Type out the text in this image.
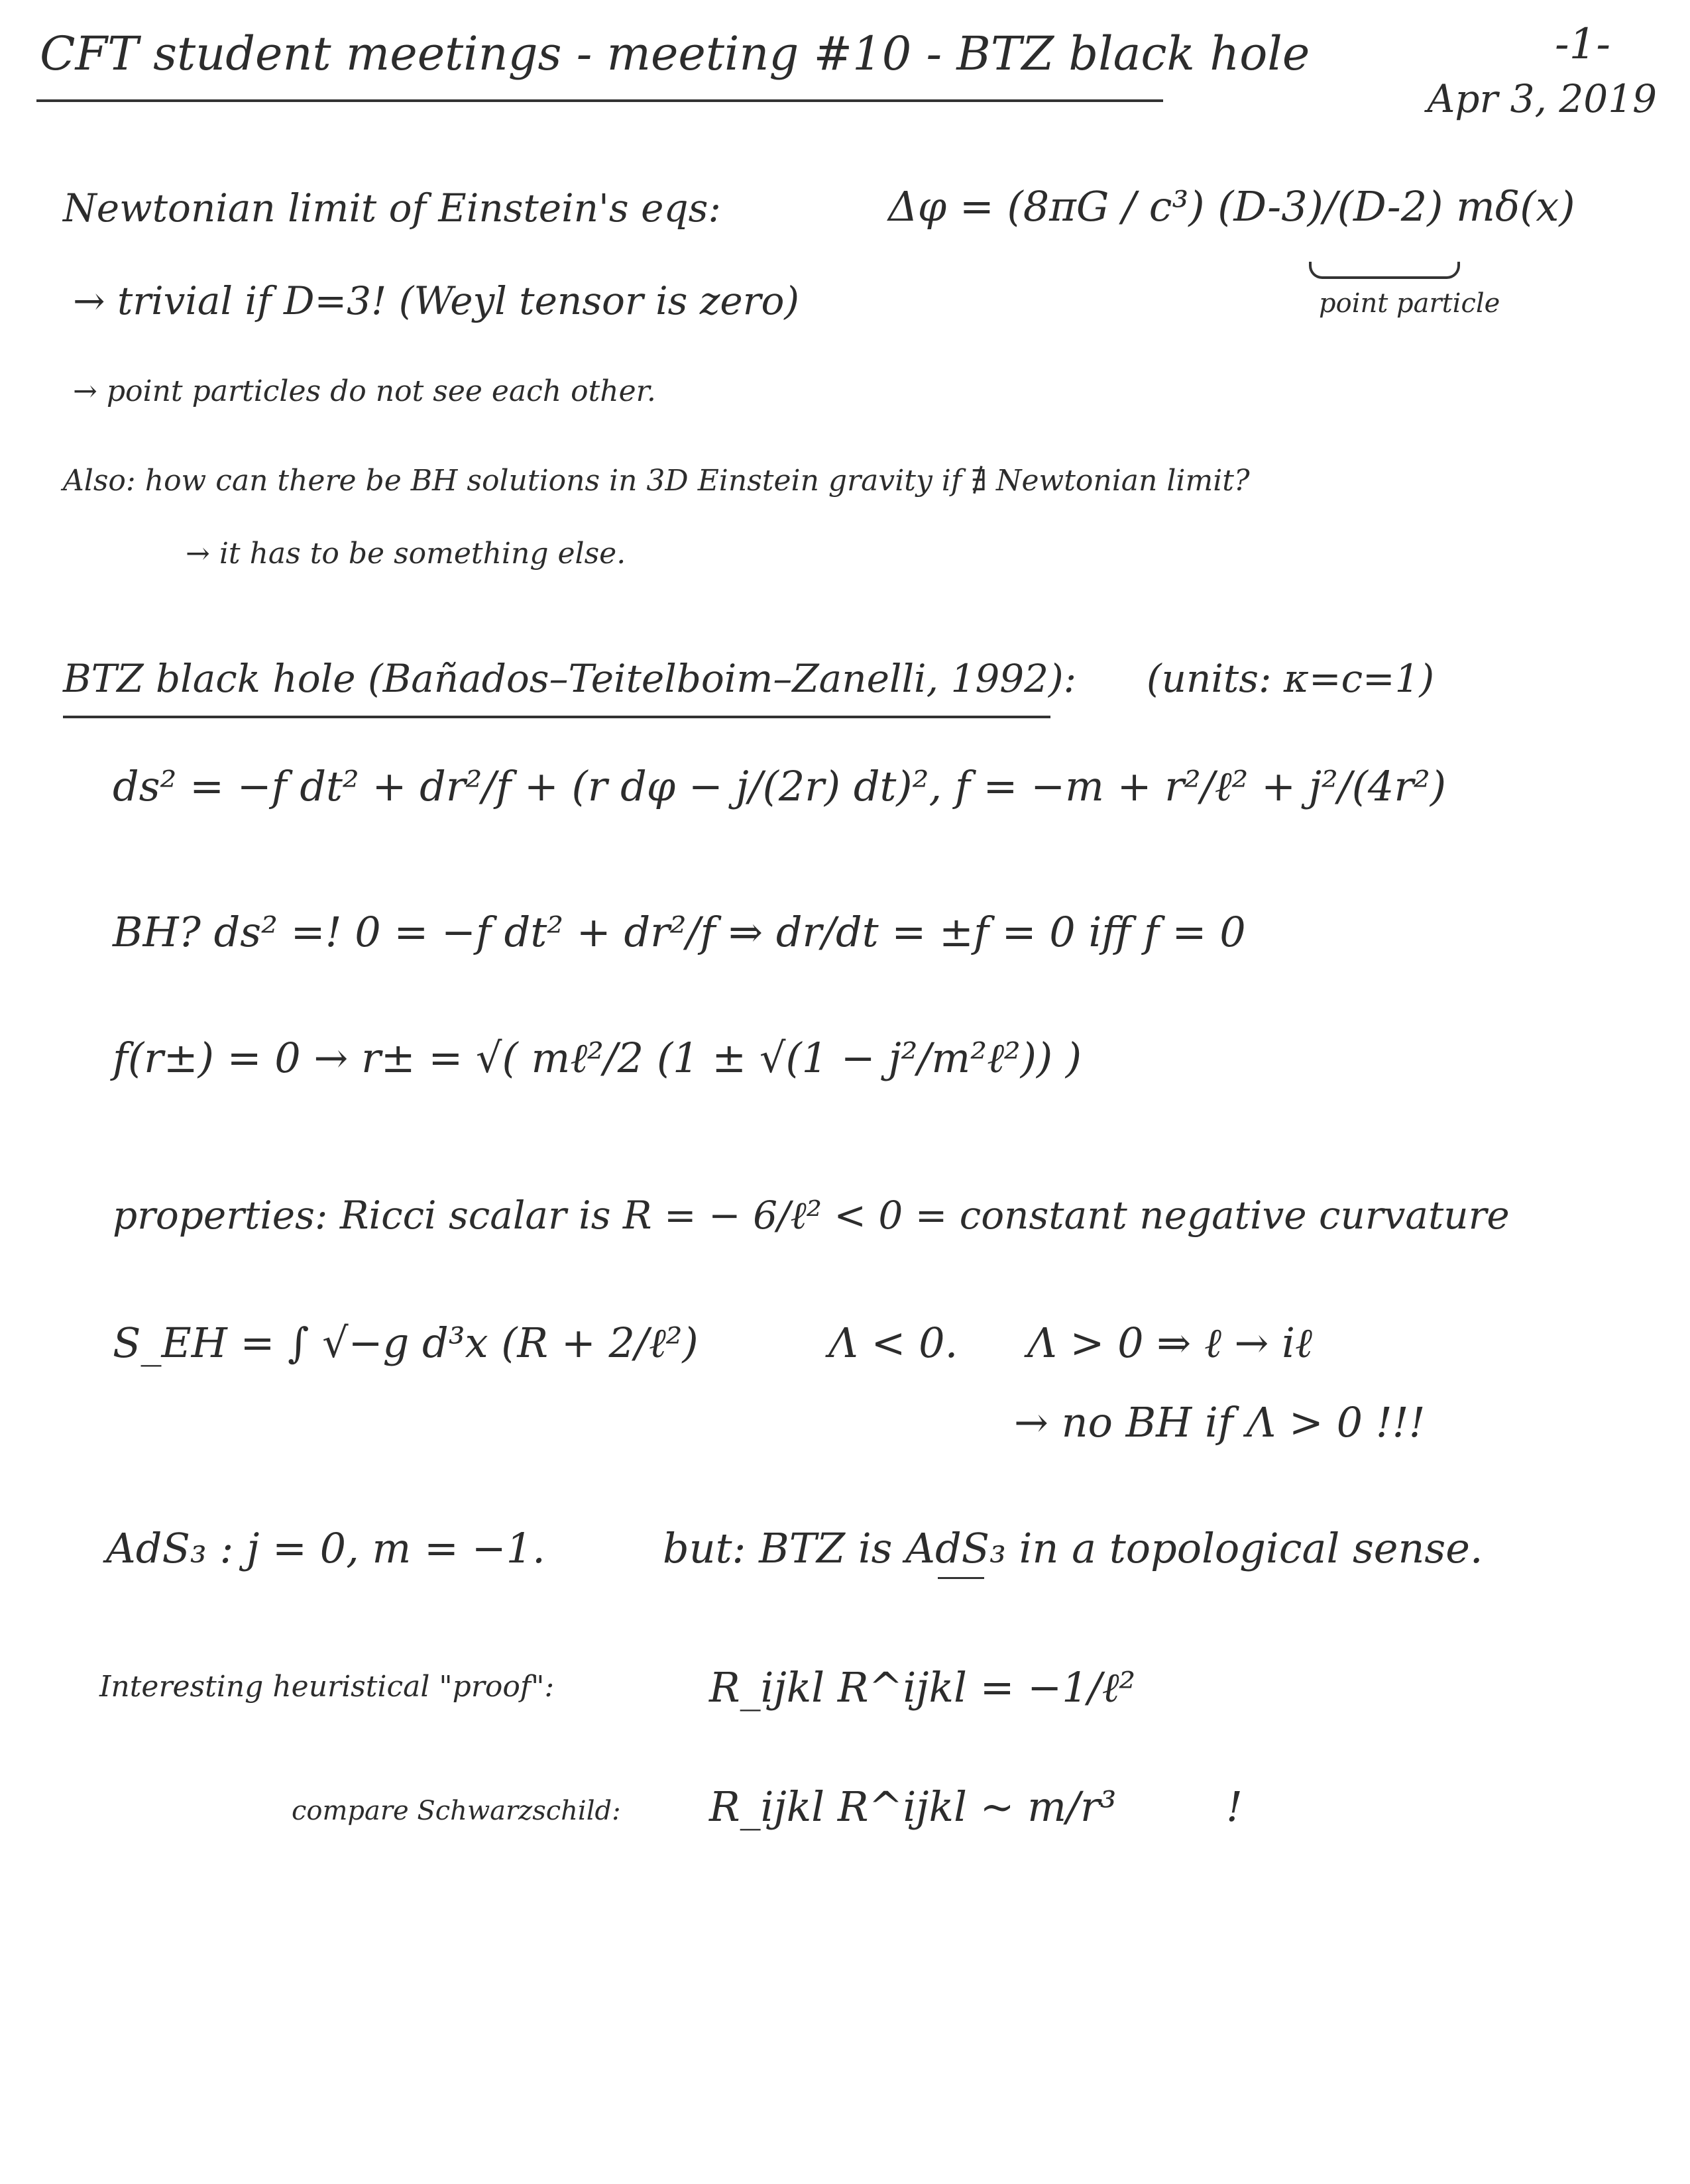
CFT student meetings - meeting #10 - BTZ black hole	-1-
Apr 3, 2019
Newtonian limit of Einstein's eqs:	Δφ = (8πG / c³) (D-3)/(D-2) mδ(x)
point particle
→ trivial if D=3! (Weyl tensor is zero)
→ point particles do not see each other.
Also: how can there be BH solutions in 3D Einstein gravity if ∄ Newtonian limit?
→ it has to be something else.
BTZ black hole (Bañados–Teitelboim–Zanelli, 1992): (units: κ=c=1)
ds² = −f dt² + dr²/f + (r dφ − j/(2r) dt)², f = −m + r²/ℓ² + j²/(4r²)
BH? ds² =! 0 = −f dt² + dr²/f ⇒ dr/dt = ±f = 0 iff f = 0
f(r±) = 0 → r± = √( mℓ²/2 (1 ± √(1 − j²/m²ℓ²)) )
properties: Ricci scalar is R = − 6/ℓ² < 0 = constant negative curvature
S_EH = ∫ √−g d³x (R + 2/ℓ²)	Λ < 0. Λ > 0 ⇒ ℓ → iℓ
→ no BH if Λ > 0 !!!
AdS₃ : j = 0, m = −1.	but: BTZ is AdS₃ in a topological sense.
Interesting heuristical "proof":	R_ijkl R^ijkl = −1/ℓ²
compare Schwarzschild: R_ijkl R^ijkl ~ m/r³	!
